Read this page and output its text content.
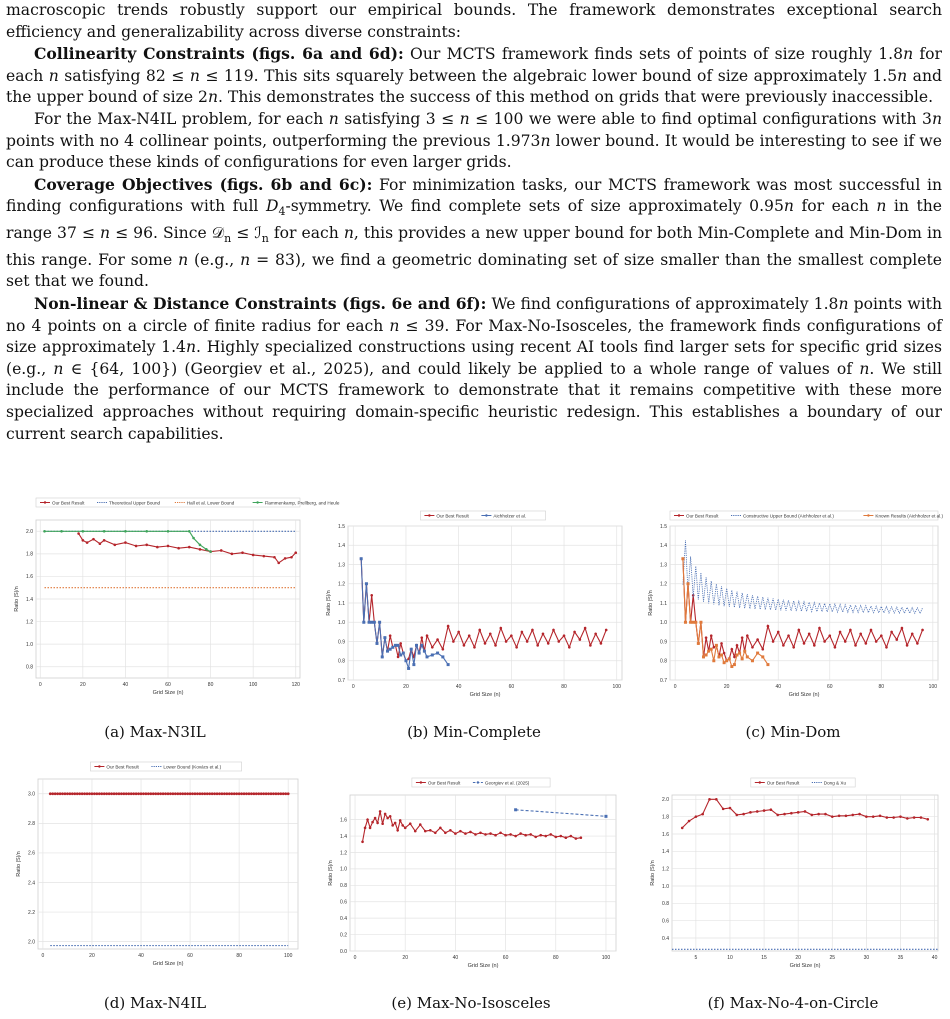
macroscopic trends robustly support our empirical bounds. The framework demonstrates exceptional search efficiency and generalizability across diverse constraints:

Collinearity Constraints (figs. 6a and 6d): Our MCTS framework finds sets of points of size roughly 1.8n for each n satisfying 82 ≤ n ≤ 119. This sits squarely between the algebraic lower bound of size approximately 1.5n and the upper bound of size 2n. This demonstrates the success of this method on grids that were previously inaccessible.

For the Max-N4IL problem, for each n satisfying 3 ≤ n ≤ 100 we were able to find optimal configurations with 3n points with no 4 collinear points, outperforming the previous 1.973n lower bound. It would be interesting to see if we can produce these kinds of configurations for even larger grids.

Coverage Objectives (figs. 6b and 6c): For minimization tasks, our MCTS framework was most successful in finding configurations with full $D_4$-symmetry. We find complete sets of size approximately 0.95n for each n in the range 37 ≤ n ≤ 96. Since 𝒟$_n$ ≤ ℐ$_n$ for each n, this provides a new upper bound for both Min-Complete and Min-Dom in this range. For some n (e.g., n = 83), we find a geometric dominating set of size smaller than the smallest complete set that we found.

Non-linear & Distance Constraints (figs. 6e and 6f): We find configurations of approximately 1.8n points with no 4 points on a circle of finite radius for each n ≤ 39. For Max-No-Isosceles, the framework finds configurations of size approximately 1.4n. Highly specialized constructions using recent AI tools find larger sets for specific grid sizes (e.g., n ∈ {64, 100}) (Georgiev et al., 2025), and could likely be applied to a whole range of values of n. We still include the performance of our MCTS framework to demonstrate that it remains competitive with these more specialized approaches without requiring domain-specific heuristic redesign. This establishes a boundary of our current search capabilities.

0	20	40	60	80	100	120
0.8
1.0
1.2
1.4
1.6
1.8
2.0
Grid Size (n)
Ratio |S|/n
Our Best Result	Theoretical Upper Bound	Hall et al. Lower Bound	Flammenkamp, Prellberg, and Heule
0	20	40	60	80	100
0.7
0.8
0.9
1.0
1.1
1.2
1.3
1.4
1.5
Grid Size (n)
Ratio |S|/n
Our Best Result	Aichholzer et al.
0	20	40	60	80	100
0.7
0.8
0.9
1.0
1.1
1.2
1.3
1.4
1.5
Grid Size (n)
Ratio |S|/n
Our Best Result	Constructive Upper Bound (Aichholzer et al.)	Known Results (Aichholzer et al.)
0	20	40	60	80	100
2.0
2.2
2.4
2.6
2.8
3.0
Grid Size (n)
Ratio |S|/n
Our Best Result	Lower Bound (Kovács et al.)
0	20	40	60	80	100
0.0
0.2
0.4
0.6
0.8
1.0
1.2
1.4
1.6
Grid Size (n)
Ratio |S|/n
Our Best Result	Georgiev et al. (2025)
5	10	15	20	25	30	35	40
0.4
0.6
0.8
1.0
1.2
1.4
1.6
1.8
2.0
Grid Size (n)
Ratio |S|/n
Our Best Result	Dong & Xu
(a) Max-N3IL	(b) Min-Complete	(c) Min-Dom
(d) Max-N4IL	(e) Max-No-Isosceles	(f) Max-No-4-on-Circle
